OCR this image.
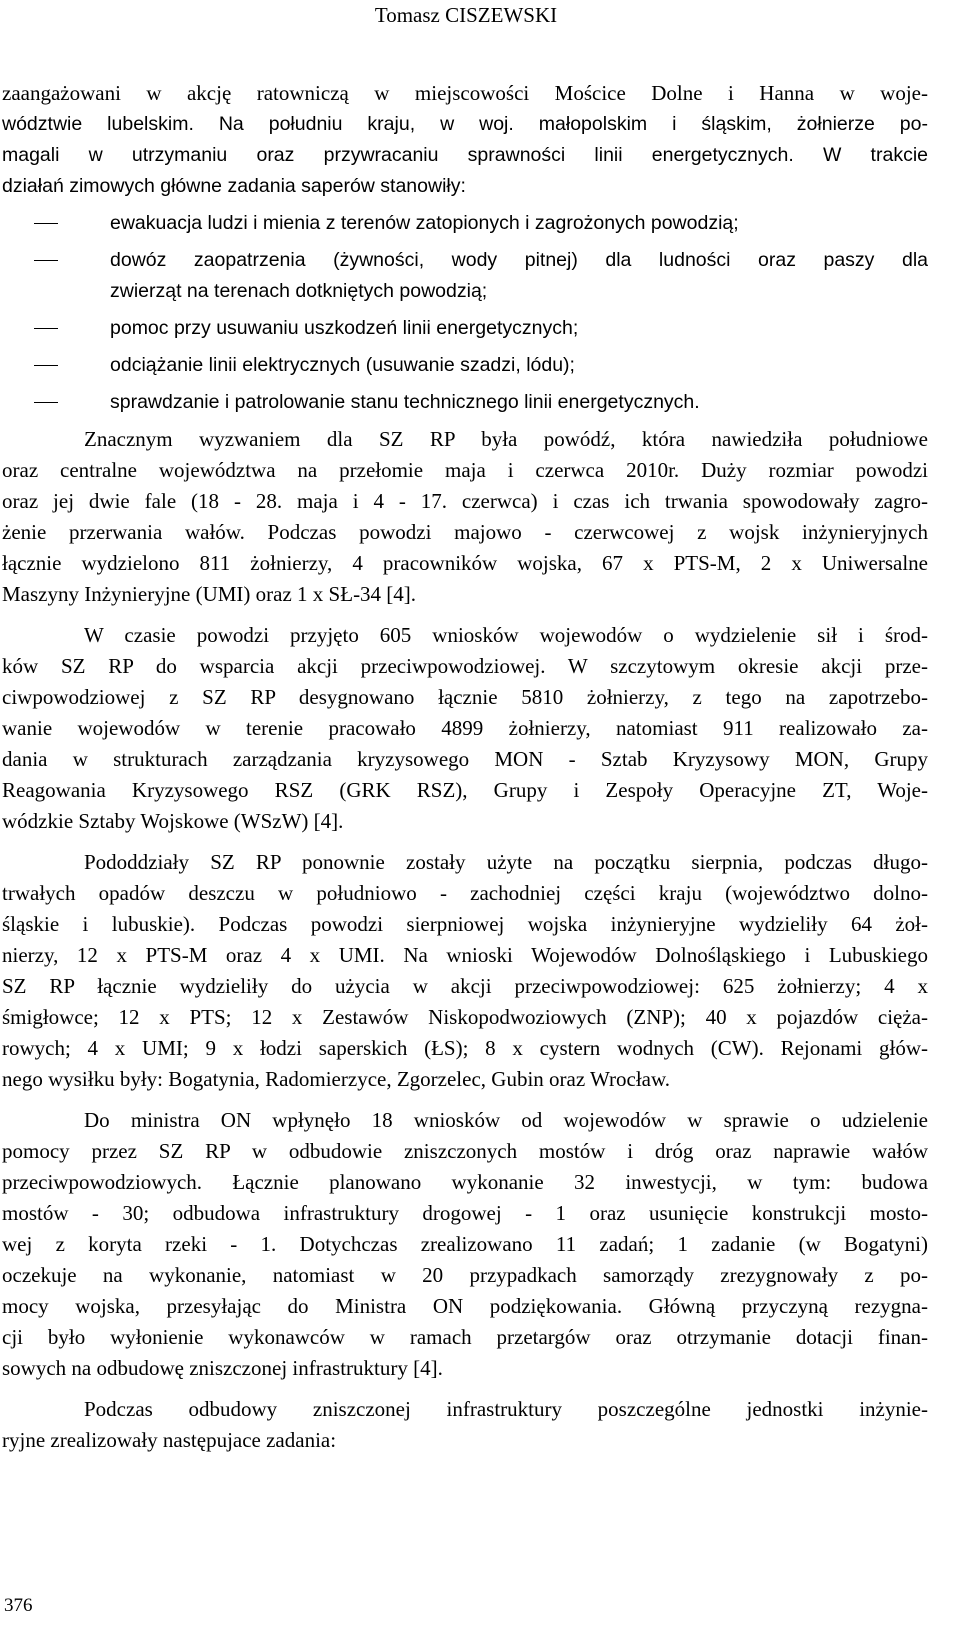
Tomasz CISZEWSKI
zaangażowani w akcję ratowniczą w miejscowości Mościce Dolne i Hanna w woje-
wództwie lubelskim. Na południu kraju, w woj. małopolskim i śląskim, żołnierze po-
magali w utrzymaniu oraz przywracaniu sprawności linii energetycznych. W trakcie
działań zimowych główne zadania saperów stanowiły:
ewakuacja ludzi i mienia z terenów zatopionych i zagrożonych powodzią;
dowóz zaopatrzenia (żywności, wody pitnej) dla ludności oraz paszy dla
zwierząt na terenach dotkniętych powodzią;
pomoc przy usuwaniu uszkodzeń linii energetycznych;
odciążanie linii elektrycznych (usuwanie szadzi, lódu);
sprawdzanie i patrolowanie stanu technicznego linii energetycznych.
Znacznym wyzwaniem dla SZ RP była powódź, która nawiedziła południowe
oraz centralne województwa na przełomie maja i czerwca 2010r. Duży rozmiar powodzi
oraz jej dwie fale (18 - 28. maja i 4 - 17. czerwca) i czas ich trwania spowodowały zagro-
żenie przerwania wałów. Podczas powodzi majowo - czerwcowej z wojsk inżynieryjnych
łącznie wydzielono 811 żołnierzy, 4 pracowników wojska, 67 x PTS-M, 2 x Uniwersalne
Maszyny Inżynieryjne (UMI) oraz 1 x SŁ-34 [4].
W czasie powodzi przyjęto 605 wniosków wojewodów o wydzielenie sił i środ-
ków SZ RP do wsparcia akcji przeciwpowodziowej. W szczytowym okresie akcji prze-
ciwpowodziowej z SZ RP desygnowano łącznie 5810 żołnierzy, z tego na zapotrzebo-
wanie wojewodów w terenie pracowało 4899 żołnierzy, natomiast 911 realizowało za-
dania w strukturach zarządzania kryzysowego MON - Sztab Kryzysowy MON, Grupy
Reagowania Kryzysowego RSZ (GRK RSZ), Grupy i Zespoły Operacyjne ZT, Woje-
wódzkie Sztaby Wojskowe (WSzW) [4].
Pododdziały SZ RP ponownie zostały użyte na początku sierpnia, podczas długo-
trwałych opadów deszczu w południowo - zachodniej części kraju (województwo dolno-
śląskie i lubuskie). Podczas powodzi sierpniowej wojska inżynieryjne wydzieliły 64 żoł-
nierzy, 12 x PTS-M oraz 4 x UMI. Na wnioski Wojewodów Dolnośląskiego i Lubuskiego
SZ RP łącznie wydzieliły do użycia w akcji przeciwpowodziowej: 625 żołnierzy; 4 x
śmigłowce; 12 x PTS; 12 x Zestawów Niskopodwoziowych (ZNP); 40 x pojazdów cięża-
rowych; 4 x UMI; 9 x łodzi saperskich (ŁS); 8 x cystern wodnych (CW). Rejonami głów-
nego wysiłku były: Bogatynia, Radomierzyce, Zgorzelec, Gubin oraz Wrocław.
Do ministra ON wpłynęło 18 wniosków od wojewodów w sprawie o udzielenie
pomocy przez SZ RP w odbudowie zniszczonych mostów i dróg oraz naprawie wałów
przeciwpowodziowych. Łącznie planowano wykonanie 32 inwestycji, w tym: budowa
mostów - 30; odbudowa infrastruktury drogowej - 1 oraz usunięcie konstrukcji mosto-
wej z koryta rzeki - 1. Dotychczas zrealizowano 11 zadań; 1 zadanie (w Bogatyni)
oczekuje na wykonanie, natomiast w 20 przypadkach samorządy zrezygnowały z po-
mocy wojska, przesyłając do Ministra ON podziękowania. Główną przyczyną rezygna-
cji było wyłonienie wykonawców w ramach przetargów oraz otrzymanie dotacji finan-
sowych na odbudowę zniszczonej infrastruktury [4].
Podczas odbudowy zniszczonej infrastruktury poszczególne jednostki inżynie-
ryjne zrealizowały następujace zadania:
376
